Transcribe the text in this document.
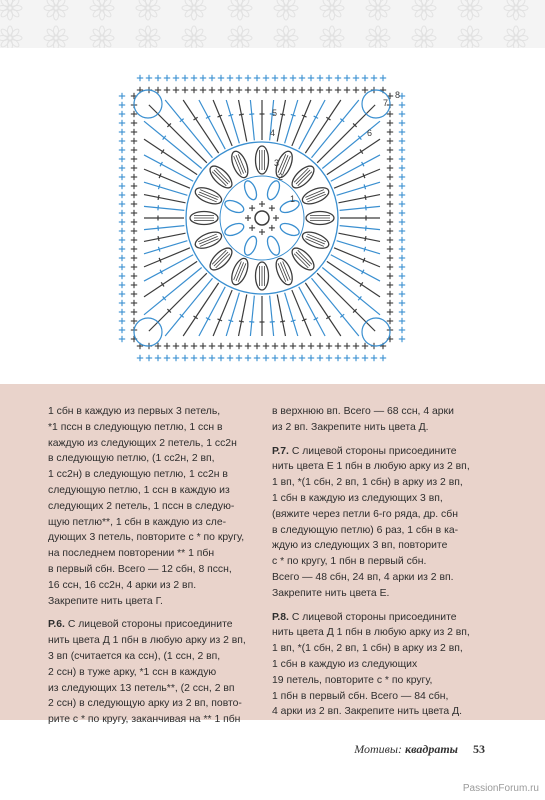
8
7
6
5
4
3
2
1

1 сбн в каждую из первых 3 петель,
*1 пссн в следующую петлю, 1 ссн в
каждую из следующих 2 петель, 1 сс2н
в следующую петлю, (1 сс2н, 2 вп,
1 сс2н) в следующую петлю, 1 сс2н в
следующую петлю, 1 ссн в каждую из
следующих 2 петель, 1 пссн в следую-
щую петлю**, 1 сбн в каждую из сле-
дующих 3 петель, повторите с * по кругу,
на последнем повторении ** 1 пбн
в первый сбн. Всего — 12 сбн, 8 пссн,
16 ссн, 16 сс2н, 4 арки из 2 вп.
Закрепите нить цвета Г.

Р.6. С лицевой стороны присоедините
нить цвета Д 1 пбн в любую арку из 2 вп,
3 вп (считается ка ссн), (1 ссн, 2 вп,
2 ссн) в туже арку, *1 ссн в каждую
из следующих 13 петель**, (2 ссн, 2 вп
2 ссн) в следующую арку из 2 вп, повто-
рите с * по кругу, заканчивая на ** 1 пбн

в верхнюю вп. Всего — 68 ссн, 4 арки
из 2 вп. Закрепите нить цвета Д.

Р.7. С лицевой стороны присоедините
нить цвета Е 1 пбн в любую арку из 2 вп,
1 вп, *(1 сбн, 2 вп, 1 сбн) в арку из 2 вп,
1 сбн в каждую из следующих 3 вп,
(вяжите через петли 6-го ряда, др. сбн
в следующую петлю) 6 раз, 1 сбн в ка-
ждую из следующих 3 вп, повторите
с * по кругу, 1 пбн в первый сбн.
Всего — 48 сбн, 24 вп, 4 арки из 2 вп.
Закрепите нить цвета Е.

Р.8. С лицевой стороны присоедините
нить цвета Д 1 пбн в любую арку из 2 вп,
1 вп, *(1 сбн, 2 вп, 1 сбн) в арку из 2 вп,
1 сбн в каждую из следующих
19 петель, повторите с * по кругу,
1 пбн в первый сбн. Всего — 84 сбн,
4 арки из 2 вп. Закрепите нить цвета Д.

Мотивы: квадраты 53
PassionForum.ru
